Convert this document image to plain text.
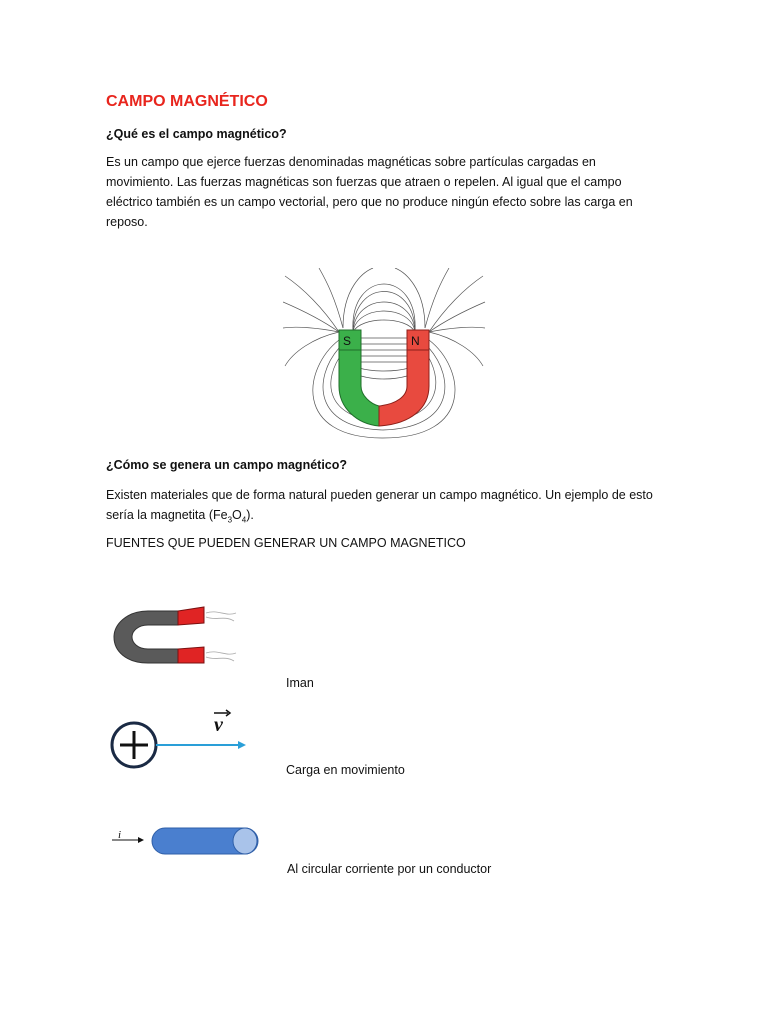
CAMPO MAGNÉTICO
¿Qué es el campo magnético?
Es un campo que ejerce fuerzas denominadas magnéticas sobre partículas cargadas en movimiento. Las fuerzas magnéticas son fuerzas que atraen o repelen. Al igual que el campo eléctrico también es un campo vectorial, pero que no produce ningún efecto sobre las carga en reposo.
S	N
¿Cómo se genera un campo magnético?
Existen materiales que de forma natural pueden generar un campo magnético. Un ejemplo de esto sería la magnetita $(Fe_3O_4)$.
FUENTES QUE PUEDEN GENERAR UN CAMPO MAGNETICO
Iman
v
Carga en movimiento
i
Al circular corriente por un conductor
